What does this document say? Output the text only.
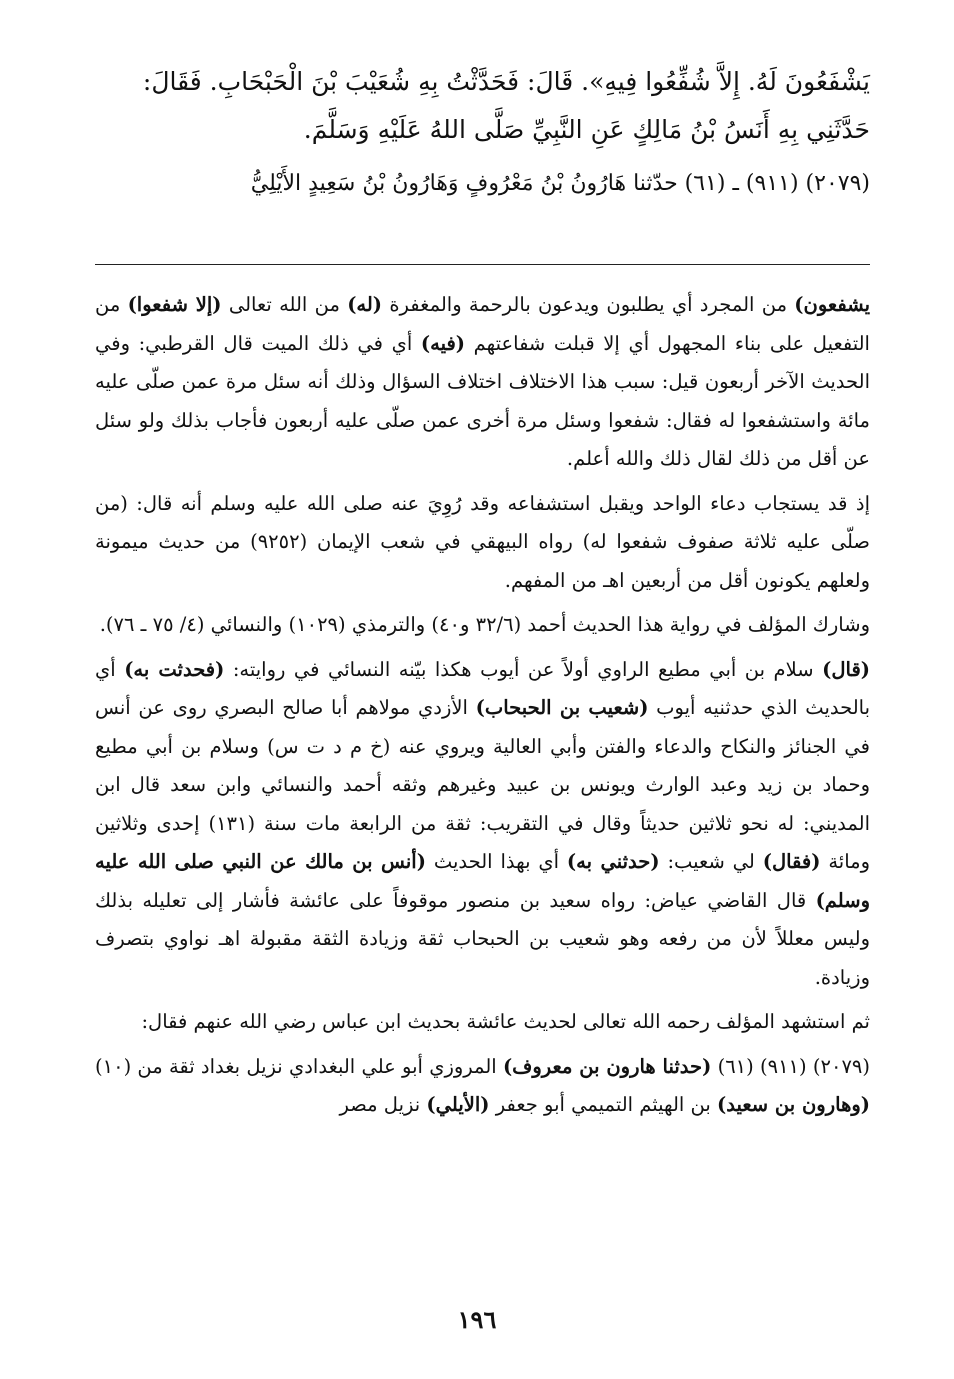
يَشْفَعُونَ لَهُ. إِلاَّ شُفِّعُوا فِيهِ». قَالَ: فَحَدَّثْتُ بِهِ شُعَيْبَ بْنَ الْحَبْحَابِ. فَقَالَ:

حَدَّثَنِي بِهِ أَنَسُ بْنُ مَالِكٍ عَنِ النَّبِيِّ صَلَّى اللهُ عَلَيْهِ وَسَلَّمَ.

(٢٠٧٩) (٩١١) ـ (٦١) حدّثنا هَارُونُ بْنُ مَعْرُوفٍ وَهَارُونُ بْنُ سَعِيدٍ الأَيْلِيُّ

يشفعون) من المجرد أي يطلبون ويدعون بالرحمة والمغفرة (له) من الله تعالى (إلا شفعوا) من التفعيل على بناء المجهول أي إلا قبلت شفاعتهم (فيه) أي في ذلك الميت قال القرطبي: وفي الحديث الآخر أربعون قيل: سبب هذا الاختلاف اختلاف السؤال وذلك أنه سئل مرة عمن صلّى عليه مائة واستشفعوا له فقال: شفعوا وسئل مرة أخرى عمن صلّى عليه أربعون فأجاب بذلك ولو سئل عن أقل من ذلك لقال ذلك والله أعلم.

إذ قد يستجاب دعاء الواحد ويقبل استشفاعه وقد رُوِيَ عنه صلى الله عليه وسلم أنه قال: (من صلّى عليه ثلاثة صفوف شفعوا له) رواه البيهقي في شعب الإيمان (٩٢٥٢) من حديث ميمونة ولعلهم يكونون أقل من أربعين اهـ من المفهم.

وشارك المؤلف في رواية هذا الحديث أحمد (٣٢/٦ و٤٠) والترمذي (١٠٢٩) والنسائي (٤/ ٧٥ ـ ٧٦).

(قال) سلام بن أبي مطيع الراوي أولاً عن أيوب هكذا بيّنه النسائي في روايته: (فحدثت به) أي بالحديث الذي حدثنيه أيوب (شعيب بن الحبحاب) الأزدي مولاهم أبا صالح البصري روى عن أنس في الجنائز والنكاح والدعاء والفتن وأبي العالية ويروي عنه (خ م د ت س) وسلام بن أبي مطيع وحماد بن زيد وعبد الوارث ويونس بن عبيد وغيرهم وثقه أحمد والنسائي وابن سعد قال ابن المديني: له نحو ثلاثين حديثاً وقال في التقريب: ثقة من الرابعة مات سنة (١٣١) إحدى وثلاثين ومائة (فقال) لي شعيب: (حدثني به) أي بهذا الحديث (أنس بن مالك عن النبي صلى الله عليه وسلم) قال القاضي عياض: رواه سعيد بن منصور موقوفاً على عائشة فأشار إلى تعليله بذلك وليس معللاً لأن من رفعه وهو شعيب بن الحبحاب ثقة وزيادة الثقة مقبولة اهـ نواوي بتصرف وزيادة.

ثم استشهد المؤلف رحمه الله تعالى لحديث عائشة بحديث ابن عباس رضي الله عنهم فقال:

(٢٠٧٩) (٩١١) (٦١) (حدثنا هارون بن معروف) المروزي أبو علي البغدادي نزيل بغداد ثقة من (١٠) (وهارون بن سعيد) بن الهيثم التميمي أبو جعفر (الأيلي) نزيل مصر

١٩٦
